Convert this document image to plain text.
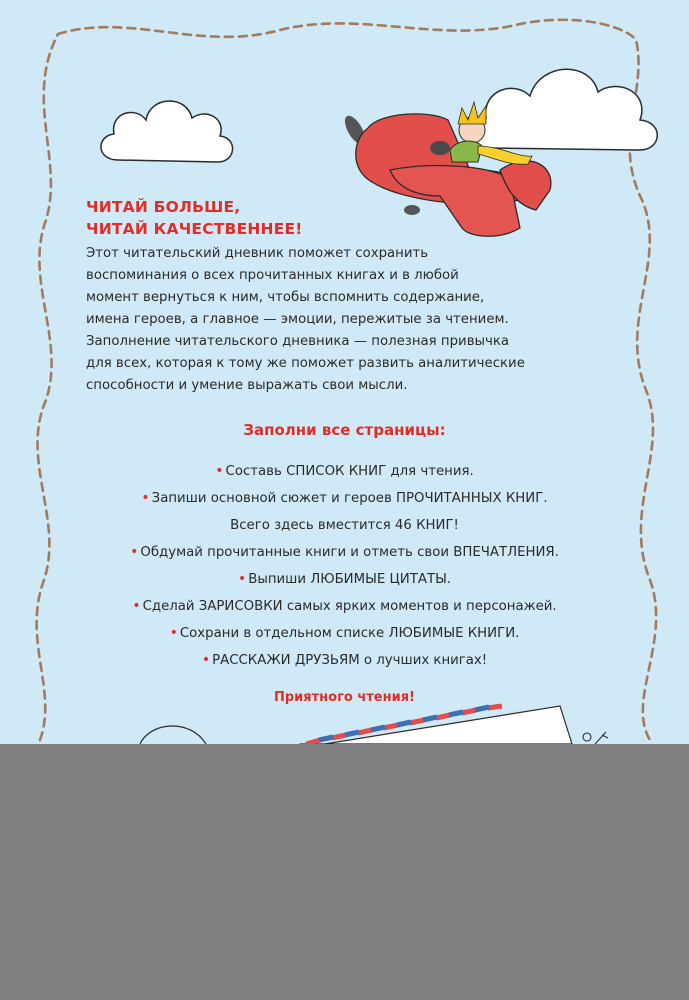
ЧИТАЙ БОЛЬШЕ,
ЧИТАЙ КАЧЕСТВЕННЕЕ!
Этот читательский дневник поможет сохранить
воспоминания о всех прочитанных книгах и в любой
момент вернуться к ним, чтобы вспомнить содержание,
имена героев, а главное — эмоции, пережитые за чтением.
Заполнение читательского дневника — полезная привычка
для всех, которая к тому же поможет развить аналитические
способности и умение выражать свои мысли.
Заполни все страницы:
• Составь СПИСОК КНИГ для чтения.
• Запиши основной сюжет и героев ПРОЧИТАННЫХ КНИГ.
Всего здесь вместится 46 КНИГ!
• Обдумай прочитанные книги и отметь свои ВПЕЧАТЛЕНИЯ.
• Выпиши ЛЮБИМЫЕ ЦИТАТЫ.
• Сделай ЗАРИСОВКИ самых ярких моментов и персонажей.
• Сохрани в отдельном списке ЛЮБИМЫЕ КНИГИ.
• РАССКАЖИ ДРУЗЬЯМ о лучших книгах!
Приятного чтения!
